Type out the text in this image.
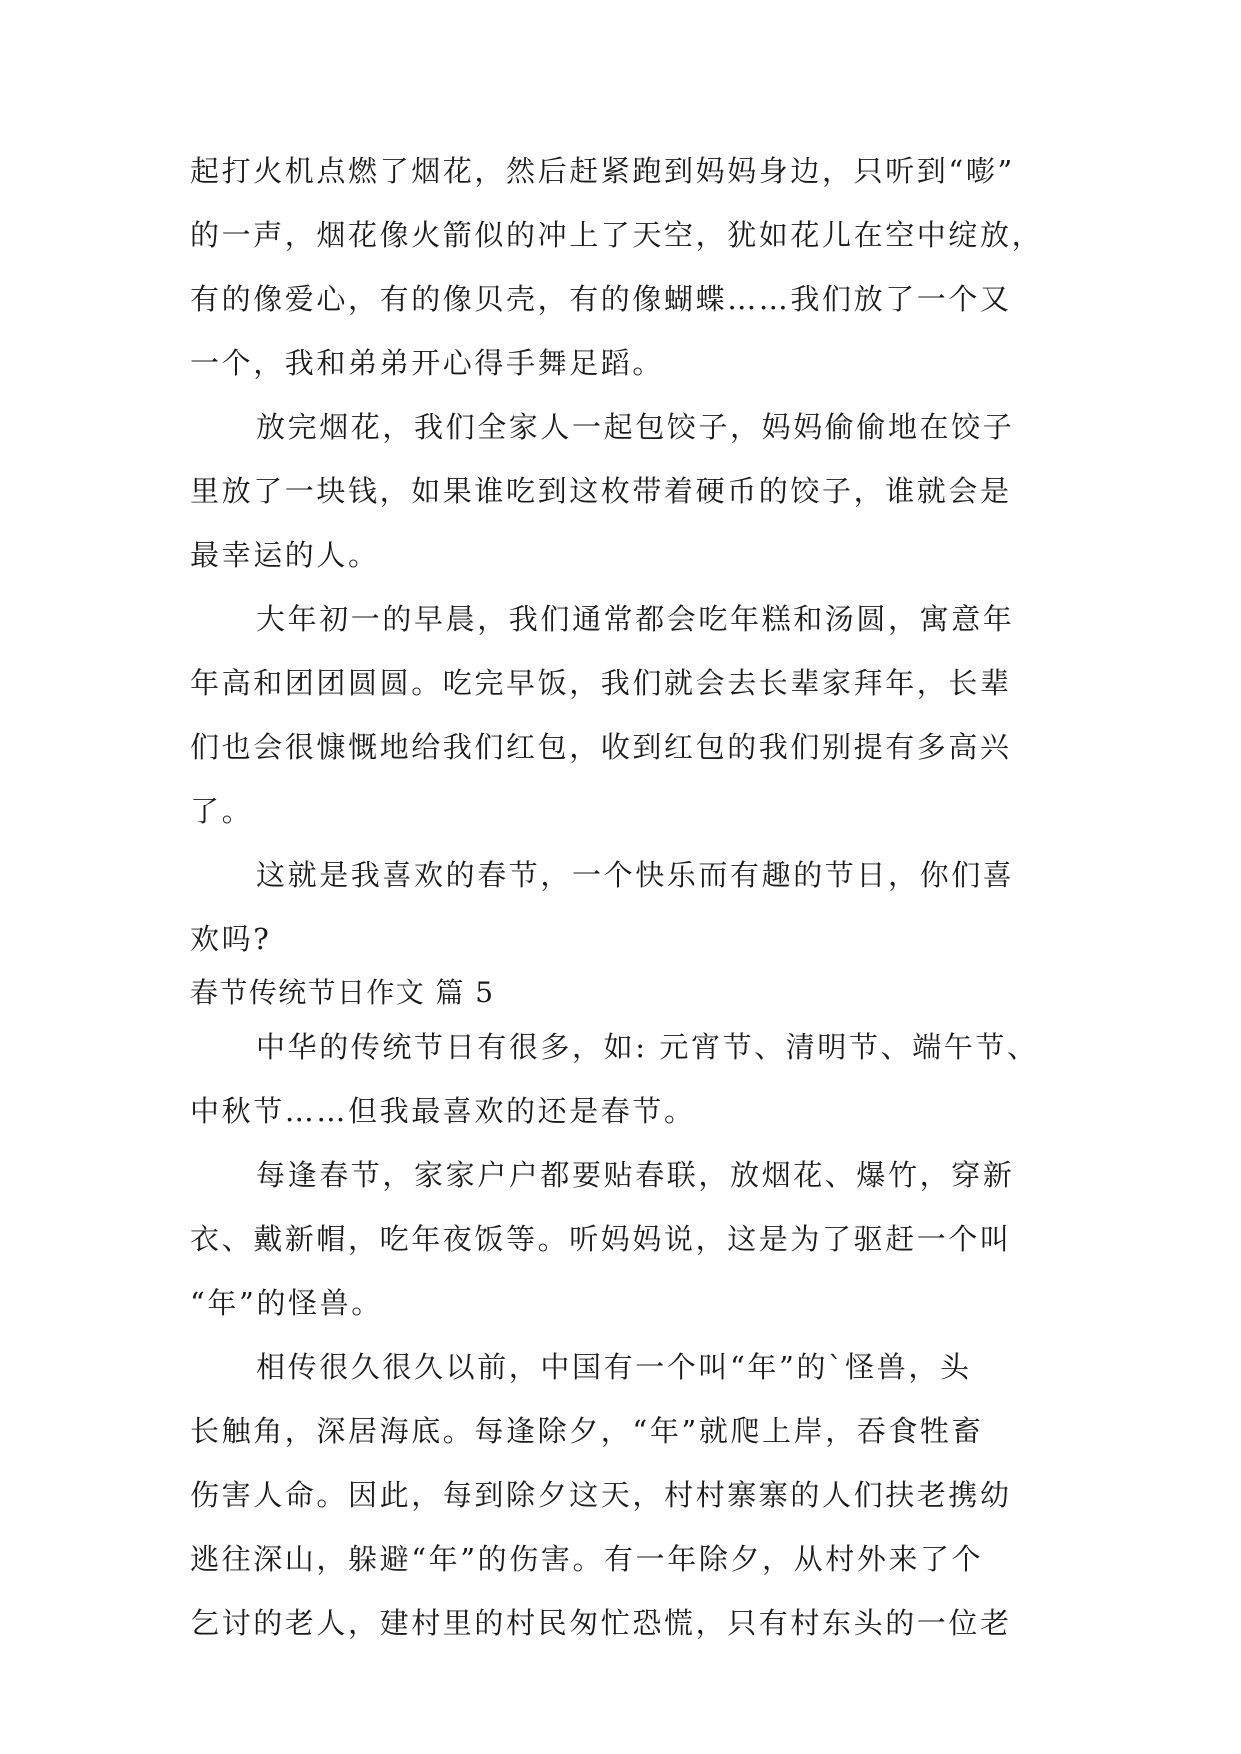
起打火机点燃了烟花，然后赶紧跑到妈妈身边，只听到“嘭”
的一声，烟花像火箭似的冲上了天空，犹如花儿在空中绽放，
有的像爱心，有的像贝壳，有的像蝴蝶……我们放了一个又
一个，我和弟弟开心得手舞足蹈。
放完烟花，我们全家人一起包饺子，妈妈偷偷地在饺子
里放了一块钱，如果谁吃到这枚带着硬币的饺子，谁就会是
最幸运的人。
大年初一的早晨，我们通常都会吃年糕和汤圆，寓意年
年高和团团圆圆。吃完早饭，我们就会去长辈家拜年，长辈
们也会很慷慨地给我们红包，收到红包的我们别提有多高兴
了。
这就是我喜欢的春节，一个快乐而有趣的节日，你们喜
欢吗?
春节传统节日作文 篇 5
中华的传统节日有很多，如: 元宵节、清明节、端午节、
中秋节……但我最喜欢的还是春节。
每逢春节，家家户户都要贴春联，放烟花、爆竹，穿新
衣、戴新帽，吃年夜饭等。听妈妈说，这是为了驱赶一个叫
“年”的怪兽。
相传很久很久以前，中国有一个叫“年”的`怪兽，头
长触角，深居海底。每逢除夕，“年”就爬上岸，吞食牲畜
伤害人命。因此，每到除夕这天，村村寨寨的人们扶老携幼
逃往深山，躲避“年”的伤害。有一年除夕，从村外来了个
乞讨的老人，建村里的村民匆忙恐慌，只有村东头的一位老
